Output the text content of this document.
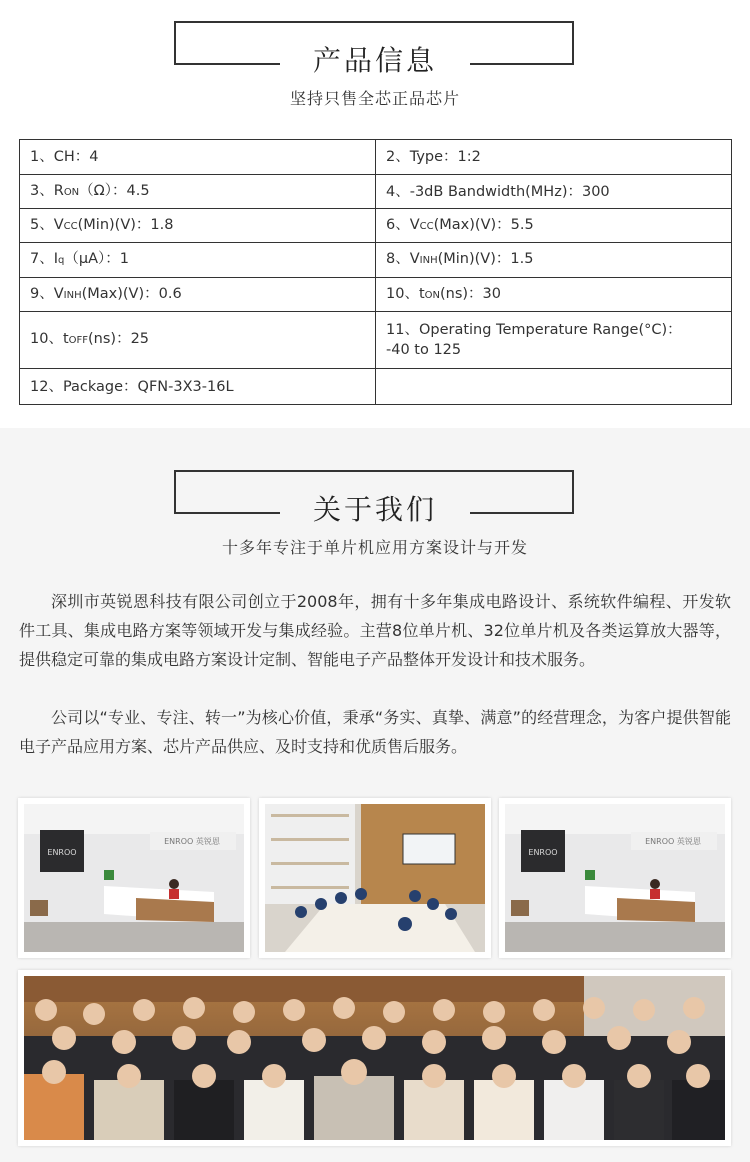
产品信息
坚持只售全芯正品芯片
1、CH：4	2、Type：1:2
3、RON（Ω）：4.5	4、-3dB Bandwidth(MHz)：300
5、VCC(Min)(V)：1.8	6、VCC(Max)(V)：5.5
7、Iq（μA）：1	8、VINH(Min)(V)：1.5
9、VINH(Max)(V)：0.6	10、tON(ns)：30
10、tOFF(ns)：25	11、Operating Temperature Range(°C)：
-40 to 125
12、Package：QFN-3X3-16L	
关于我们
十多年专注于单片机应用方案设计与开发

深圳市英锐恩科技有限公司创立于2008年，拥有十多年集成电路设计、系统软件编程、开发软件工具、集成电路方案等领域开发与集成经验。主营8位单片机、32位单片机及各类运算放大器等，提供稳定可靠的集成电路方案设计定制、智能电子产品整体开发设计和技术服务。

公司以“专业、专注、转一”为核心价值，秉承“务实、真挚、满意”的经营理念，为客户提供智能电子产品应用方案、芯片产品供应、及时支持和优质售后服务。

ENROO
ENROO 英锐恩
ENROO
ENROO 英锐恩
